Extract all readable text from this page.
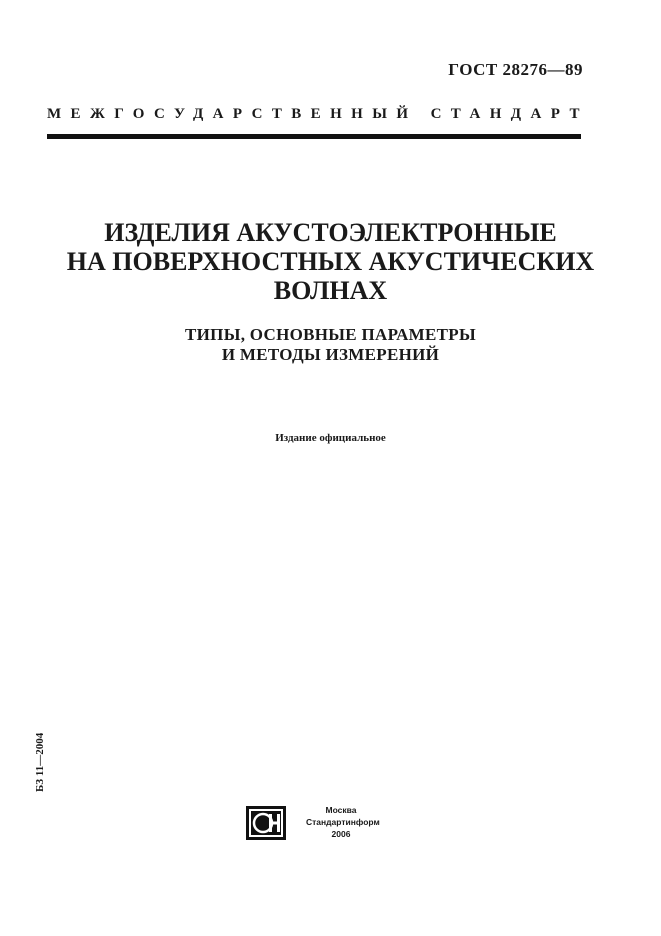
ГОСТ 28276—89
МЕЖГОСУДАРСТВЕННЫЙ СТАНДАРТ
ИЗДЕЛИЯ АКУСТОЭЛЕКТРОННЫЕ
НА ПОВЕРХНОСТНЫХ АКУСТИЧЕСКИХ
ВОЛНАХ
ТИПЫ, ОСНОВНЫЕ ПАРАМЕТРЫ
И МЕТОДЫ ИЗМЕРЕНИЙ
Издание официальное
БЗ 11—2004
Москва
Стандартинформ
2006
